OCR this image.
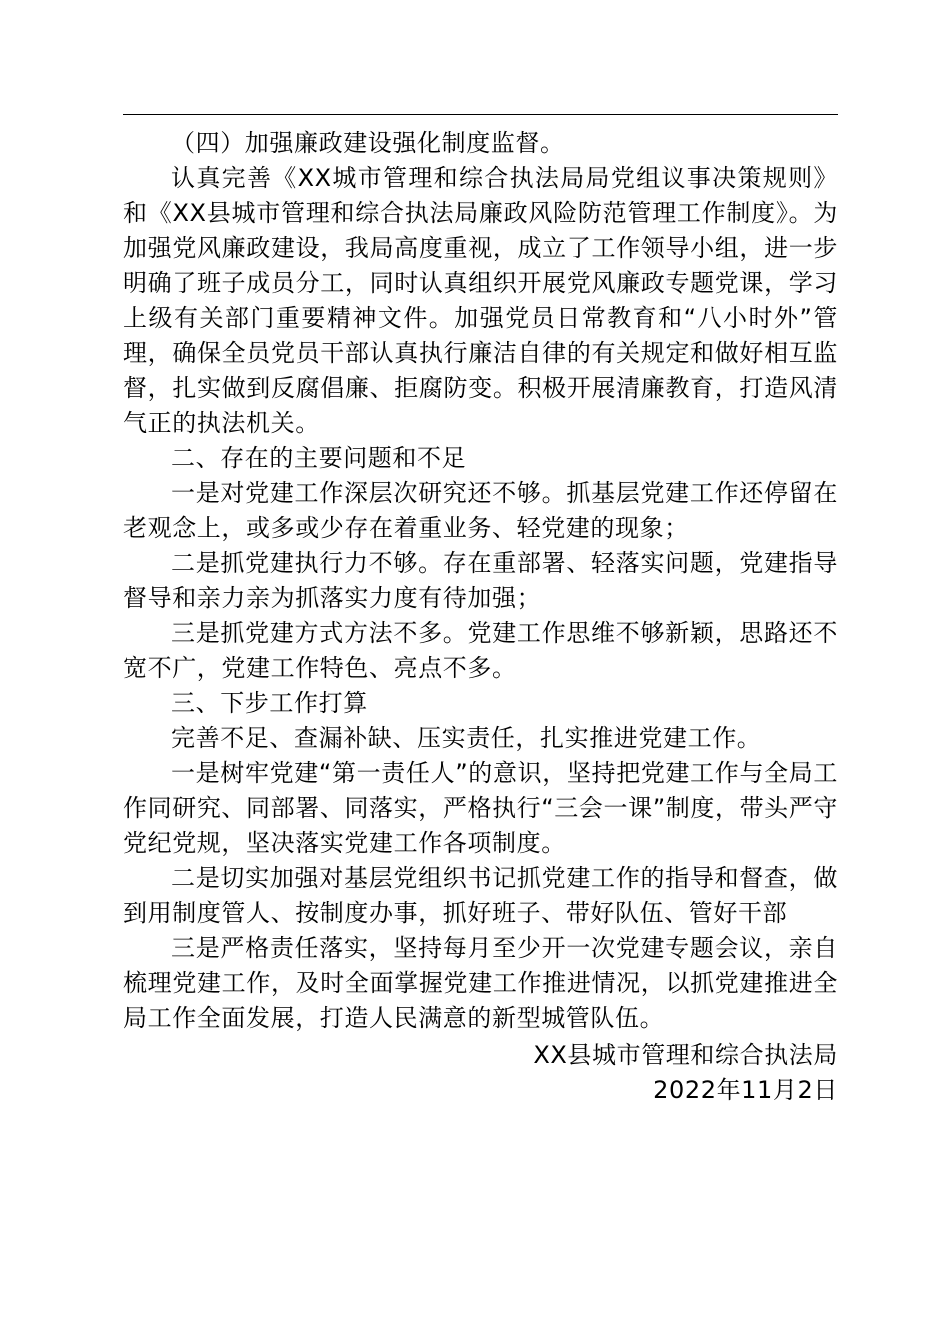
（四）加强廉政建设强化制度监督。

认真完善《XX城市管理和综合执法局局党组议事决策规则》和《XX县城市管理和综合执法局廉政风险防范管理工作制度》。为加强党风廉政建设，我局高度重视，成立了工作领导小组，进一步明确了班子成员分工，同时认真组织开展党风廉政专题党课，学习上级有关部门重要精神文件。加强党员日常教育和“八小时外”管理，确保全员党员干部认真执行廉洁自律的有关规定和做好相互监督，扎实做到反腐倡廉、拒腐防变。积极开展清廉教育，打造风清气正的执法机关。

二、存在的主要问题和不足

一是对党建工作深层次研究还不够。抓基层党建工作还停留在老观念上，或多或少存在着重业务、轻党建的现象；

二是抓党建执行力不够。存在重部署、轻落实问题，党建指导督导和亲力亲为抓落实力度有待加强；

三是抓党建方式方法不多。党建工作思维不够新颖，思路还不宽不广，党建工作特色、亮点不多。

三、下步工作打算

完善不足、查漏补缺、压实责任，扎实推进党建工作。

一是树牢党建“第一责任人”的意识，坚持把党建工作与全局工作同研究、同部署、同落实，严格执行“三会一课”制度，带头严守党纪党规，坚决落实党建工作各项制度。

二是切实加强对基层党组织书记抓党建工作的指导和督查，做到用制度管人、按制度办事，抓好班子、带好队伍、管好干部

三是严格责任落实，坚持每月至少开一次党建专题会议，亲自梳理党建工作，及时全面掌握党建工作推进情况，以抓党建推进全局工作全面发展，打造人民满意的新型城管队伍。

XX县城市管理和综合执法局

2022年11月2日
